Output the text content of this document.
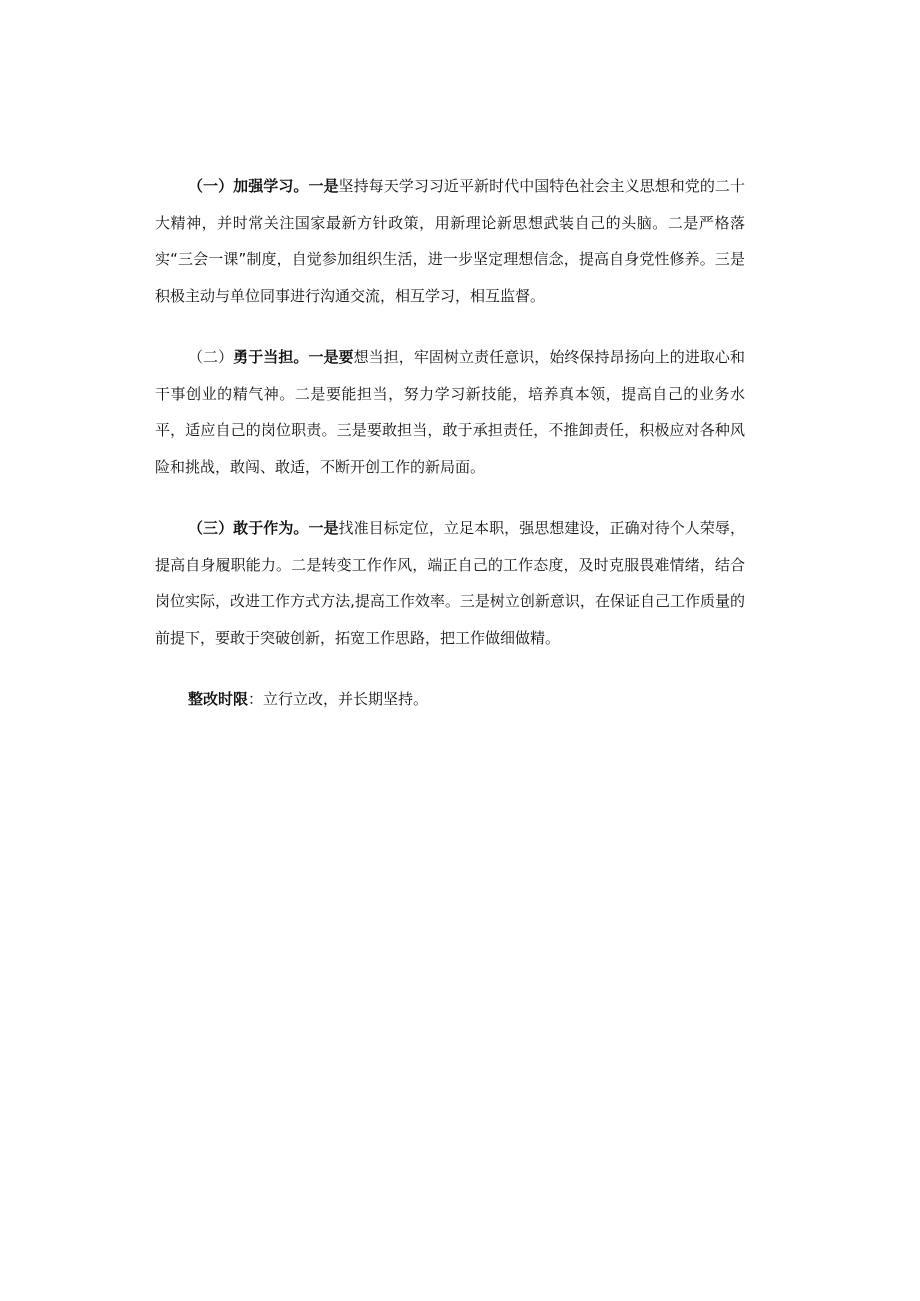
（一）加强学习。一是坚持每天学习习近平新时代中国特色社会主义思想和党的二十大精神，并时常关注国家最新方针政策，用新理论新思想武装自己的头脑。二是严格落实“三会一课”制度，自觉参加组织生活，进一步坚定理想信念，提高自身党性修养。三是积极主动与单位同事进行沟通交流，相互学习，相互监督。

（二）勇于当担。一是要想当担，牢固树立责任意识，始终保持昂扬向上的进取心和干事创业的精气神。二是要能担当，努力学习新技能，培养真本领，提高自己的业务水平，适应自己的岗位职责。三是要敢担当，敢于承担责任，不推卸责任，积极应对各种风险和挑战，敢闯、敢适，不断开创工作的新局面。

（三）敢于作为。一是找准目标定位，立足本职，强思想建设，正确对待个人荣辱，提高自身履职能力。二是转变工作作风，端正自己的工作态度，及时克服畏难情绪，结合岗位实际，改进工作方式方法,提高工作效率。三是树立创新意识，在保证自己工作质量的前提下，要敢于突破创新，拓宽工作思路，把工作做细做精。

整改时限：立行立改，并长期坚持。
